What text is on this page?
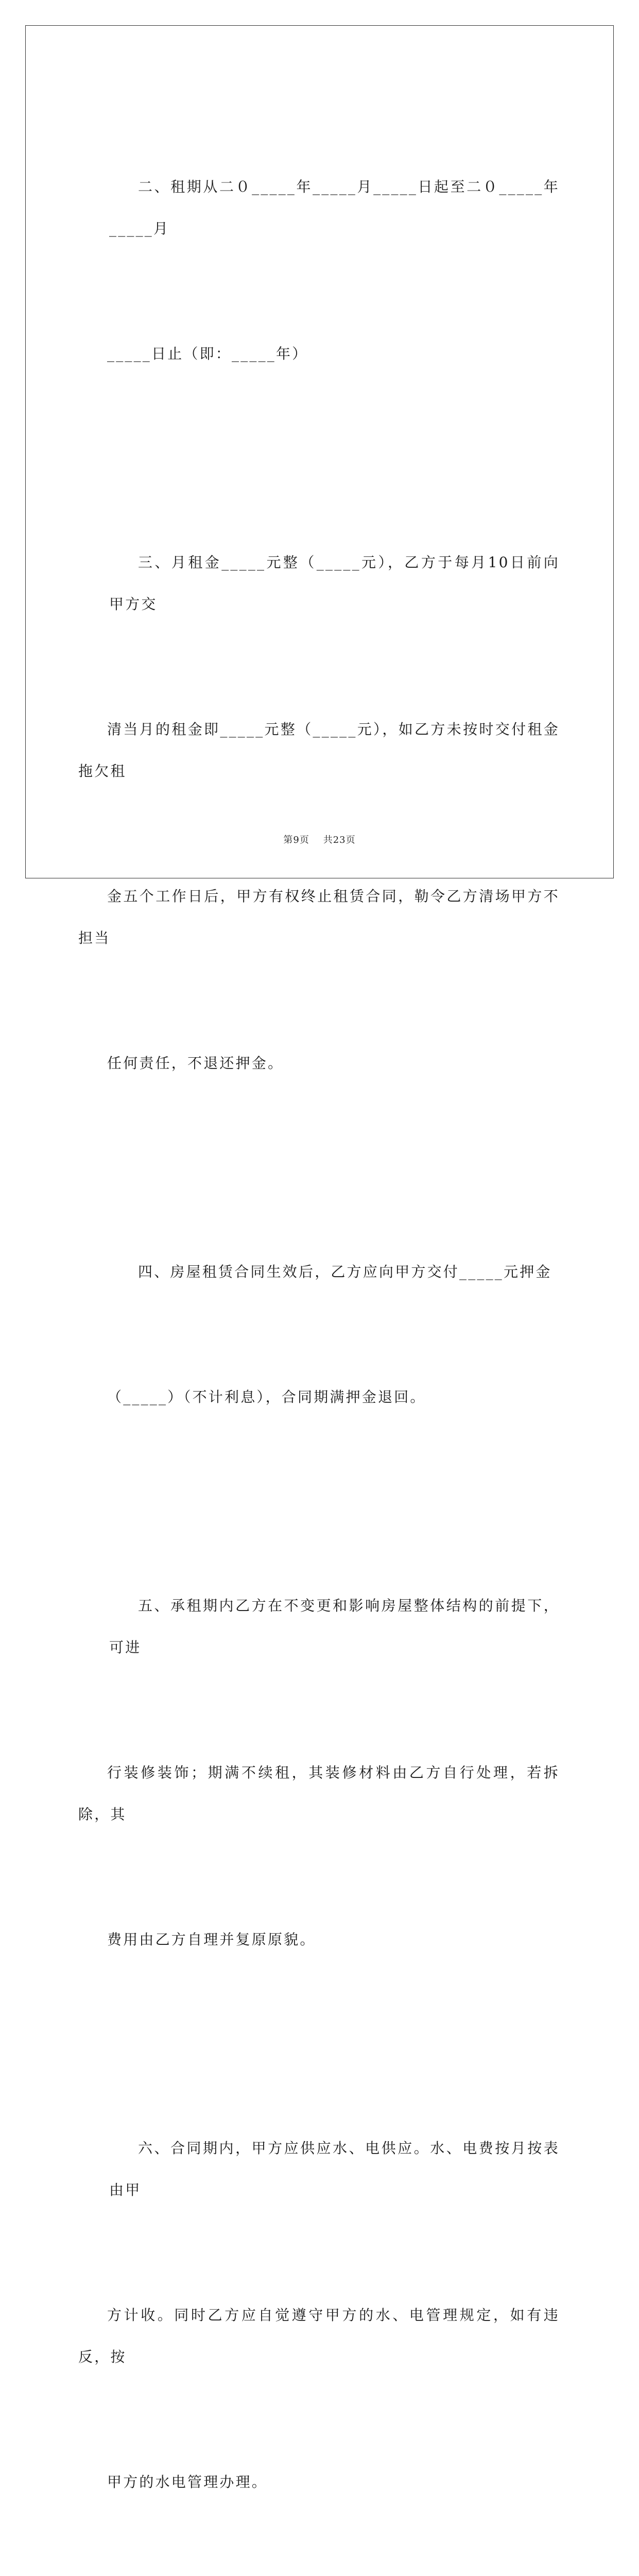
二、租期从二０_____年_____月_____日起至二０_____年_____月

_____日止（即：_____年）

三、月租金_____元整（_____元），乙方于每月10日前向甲方交

清当月的租金即_____元整（_____元），如乙方未按时交付租金拖欠租

金五个工作日后，甲方有权终止租赁合同，勒令乙方清场甲方不担当

任何责任，不退还押金。

四、房屋租赁合同生效后，乙方应向甲方交付_____元押金

（_____）（不计利息），合同期满押金退回。

五、承租期内乙方在不变更和影响房屋整体结构的前提下，可进

行装修装饰；期满不续租，其装修材料由乙方自行处理，若拆除，其

费用由乙方自理并复原原貌。

六、合同期内，甲方应供应水、电供应。水、电费按月按表由甲

方计收。同时乙方应自觉遵守甲方的水、电管理规定，如有违反，按

甲方的水电管理办理。

第9页 共23页
